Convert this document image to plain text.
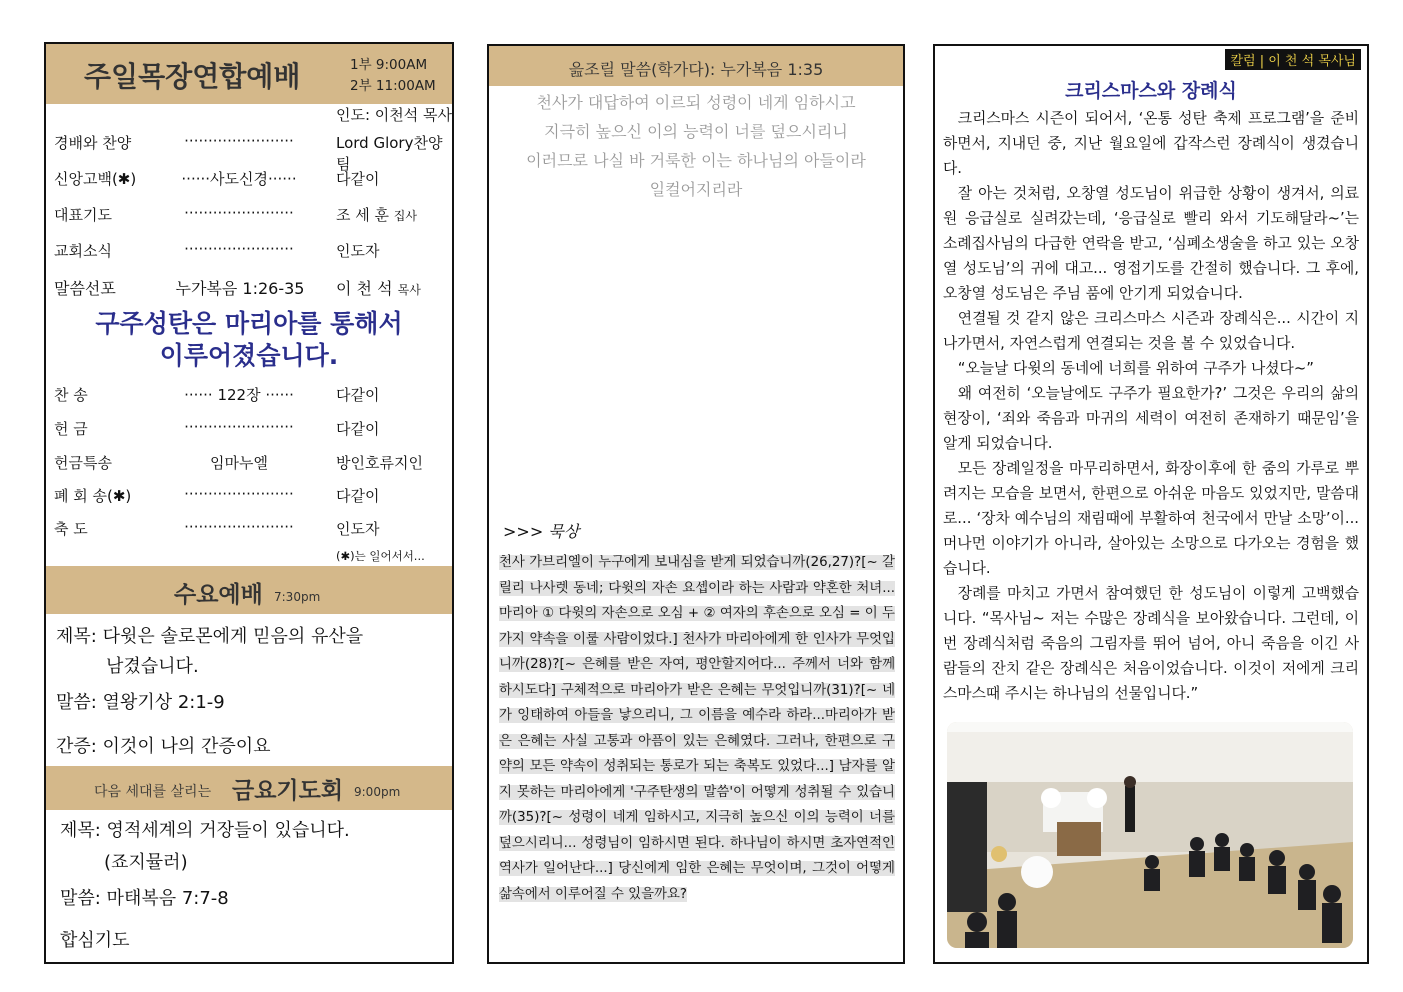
주일목장연합예배	1부 9:00AM
2부 11:00AM
인도: 이천석 목사
경배와 찬양	·······················	Lord Glory찬양팀
신앙고백(✱)	······사도신경······	다같이
대표기도	·······················	조 세 훈 집사
교회소식	·······················	인도자
말씀선포	누가복음 1:26-35	이 천 석 목사
구주성탄은 마리아를 통해서
이루어졌습니다.
찬 송	······ 122장 ······	다같이
헌 금	·······················	다같이
헌금특송	임마누엘	방인호류지인
폐 회 송(✱)	·······················	다같이
축 도	·······················	인도자
(✱)는 일어서서...
수요예배 7:30pm
제목: 다윗은 솔로몬에게 믿음의 유산을
남겼습니다.
말씀: 열왕기상 2:1-9
간증: 이것이 나의 간증이요
다음 세대를 살리는 금요기도회 9:00pm
제목: 영적세계의 거장들이 있습니다.
(죠지뮬러)
말씀: 마태복음 7:7-8
합심기도
읊조릴 말씀(학가다): 누가복음 1:35
천사가 대답하여 이르되 성령이 네게 임하시고
지극히 높으신 이의 능력이 너를 덮으시리니
이러므로 나실 바 거룩한 이는 하나님의 아들이라
일컬어지리라
>>> 묵상
천사 가브리엘이 누구에게 보내심을 받게 되었습니까(26,27)?[~ 갈릴리 나사렛 동네; 다윗의 자손 요셉이라 하는 사람과 약혼한 처녀... 마리아 ① 다윗의 자손으로 오심 + ② 여자의 후손으로 오심 = 이 두가지 약속을 이룰 사람이었다.] 천사가 마리아에게 한 인사가 무엇입니까(28)?[~ 은혜를 받은 자여, 평안할지어다... 주께서 너와 함께 하시도다] 구체적으로 마리아가 받은 은혜는 무엇입니까(31)?[~ 네가 잉태하여 아들을 낳으리니, 그 이름을 예수라 하라...마리아가 받은 은혜는 사실 고통과 아픔이 있는 은혜였다. 그러나, 한편으로 구약의 모든 약속이 성취되는 통로가 되는 축복도 있었다...] 남자를 알지 못하는 마리아에게 '구주탄생의 말씀'이 어떻게 성취될 수 있습니까(35)?[~ 성령이 네게 임하시고, 지극히 높으신 이의 능력이 너를 덮으시리니... 성령님이 임하시면 된다. 하나님이 하시면 초자연적인 역사가 일어난다...] 당신에게 임한 은혜는 무엇이며, 그것이 어떻게 삶속에서 이루어질 수 있을까요?
칼럼 | 이 천 석 목사님
크리스마스와 장례식

크리스마스 시즌이 되어서, ‘온통 성탄 축제 프로그램’을 준비하면서, 지내던 중, 지난 월요일에 갑작스런 장례식이 생겼습니다.

잘 아는 것처럼, 오창열 성도님이 위급한 상황이 생겨서, 의료원 응급실로 실려갔는데, ‘응급실로 빨리 와서 기도해달라~’는 소례집사님의 다급한 연락을 받고, ‘심폐소생술을 하고 있는 오창열 성도님’의 귀에 대고... 영접기도를 간절히 했습니다. 그 후에, 오창열 성도님은 주님 품에 안기게 되었습니다.

연결될 것 같지 않은 크리스마스 시즌과 장례식은... 시간이 지나가면서, 자연스럽게 연결되는 것을 볼 수 있었습니다.

“오늘날 다윗의 동네에 너희를 위하여 구주가 나셨다~”

왜 여전히 ‘오늘날에도 구주가 필요한가?’ 그것은 우리의 삶의 현장이, ‘죄와 죽음과 마귀의 세력이 여전히 존재하기 때문임’을 알게 되었습니다.

모든 장례일정을 마무리하면서, 화장이후에 한 줌의 가루로 뿌려지는 모습을 보면서, 한편으로 아쉬운 마음도 있었지만, 말씀대로... ‘장차 예수님의 재림때에 부활하여 천국에서 만날 소망’이... 머나먼 이야기가 아니라, 살아있는 소망으로 다가오는 경험을 했습니다.

장례를 마치고 가면서 참여했던 한 성도님이 이렇게 고백했습니다. “목사님~ 저는 수많은 장례식을 보아왔습니다. 그런데, 이번 장례식처럼 죽음의 그림자를 뛰어 넘어, 아니 죽음을 이긴 사람들의 잔치 같은 장례식은 처음이었습니다. 이것이 저에게 크리스마스때 주시는 하나님의 선물입니다.”
